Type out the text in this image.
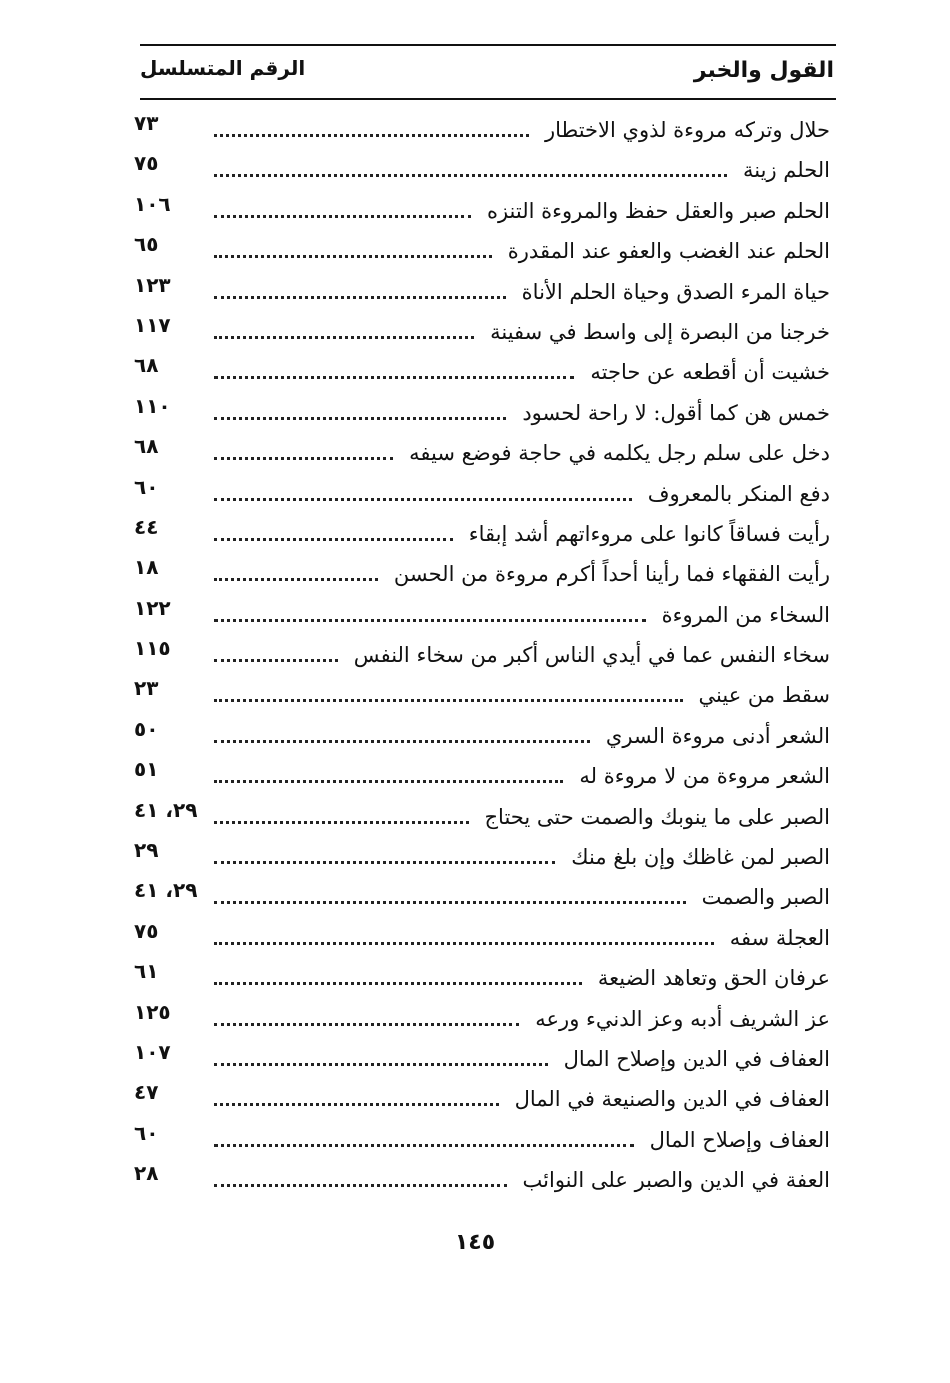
القول والخبر
الرقم المتسلسل
حلال وتركه مروءة لذوي الاختطار
٧٣
الحلم زينة
٧٥
الحلم صبر والعقل حفظ والمروءة التنزه
١٠٦
الحلم عند الغضب والعفو عند المقدرة
٦٥
حياة المرء الصدق وحياة الحلم الأناة
١٢٣
خرجنا من البصرة إلى واسط في سفينة
١١٧
خشيت أن أقطعه عن حاجته
٦٨
خمس هن كما أقول: لا راحة لحسود
١١٠
دخل على سلم رجل يكلمه في حاجة فوضع سيفه
٦٨
دفع المنكر بالمعروف
٦٠
رأيت فساقاً كانوا على مروءاتهم أشد إبقاء
٤٤
رأيت الفقهاء فما رأينا أحداً أكرم مروءة من الحسن
١٨
السخاء من المروءة
١٢٢
سخاء النفس عما في أيدي الناس أكبر من سخاء النفس
١١٥
سقط من عيني
٢٣
الشعر أدنى مروءة السري
٥٠
الشعر مروءة من لا مروءة له
٥١
الصبر على ما ينوبك والصمت حتى يحتاج
٢٩، ٤١
الصبر لمن غاظك وإن بلغ منك
٢٩
الصبر والصمت
٢٩، ٤١
العجلة سفه
٧٥
عرفان الحق وتعاهد الضيعة
٦١
عز الشريف أدبه وعز الدنيء ورعه
١٢٥
العفاف في الدين وإصلاح المال
١٠٧
العفاف في الدين والصنيعة في المال
٤٧
العفاف وإصلاح المال
٦٠
العفة في الدين والصبر على النوائب
٢٨
١٤٥
